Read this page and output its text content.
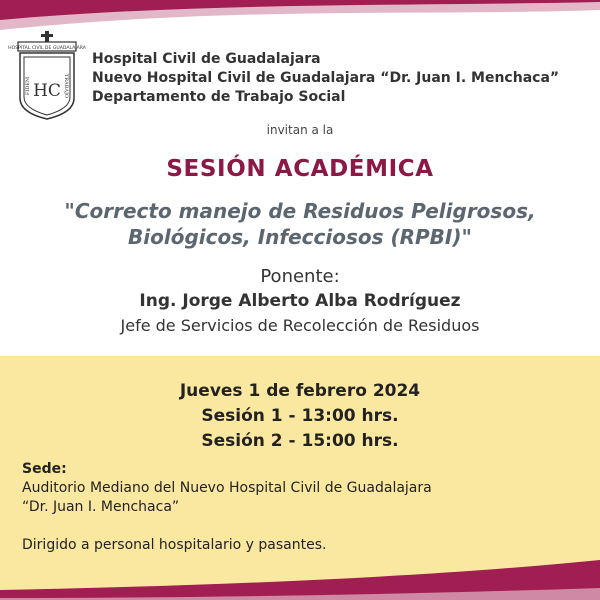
HOSPITAL CIVIL DE GUADALAJARA
FIDEM	TRABAJO
HC
Hospital Civil de Guadalajara
Nuevo Hospital Civil de Guadalajara “Dr. Juan I. Menchaca”
Departamento de Trabajo Social
invitan a la
SESIÓN ACADÉMICA
"Correcto manejo de Residuos Peligrosos,
Biológicos, Infecciosos (RPBI)"
Ponente:
Ing. Jorge Alberto Alba Rodríguez
Jefe de Servicios de Recolección de Residuos
Jueves 1 de febrero 2024
Sesión 1 - 13:00 hrs.
Sesión 2 - 15:00 hrs.
Sede:
Auditorio Mediano del Nuevo Hospital Civil de Guadalajara
“Dr. Juan I. Menchaca”
Dirigido a personal hospitalario y pasantes.
